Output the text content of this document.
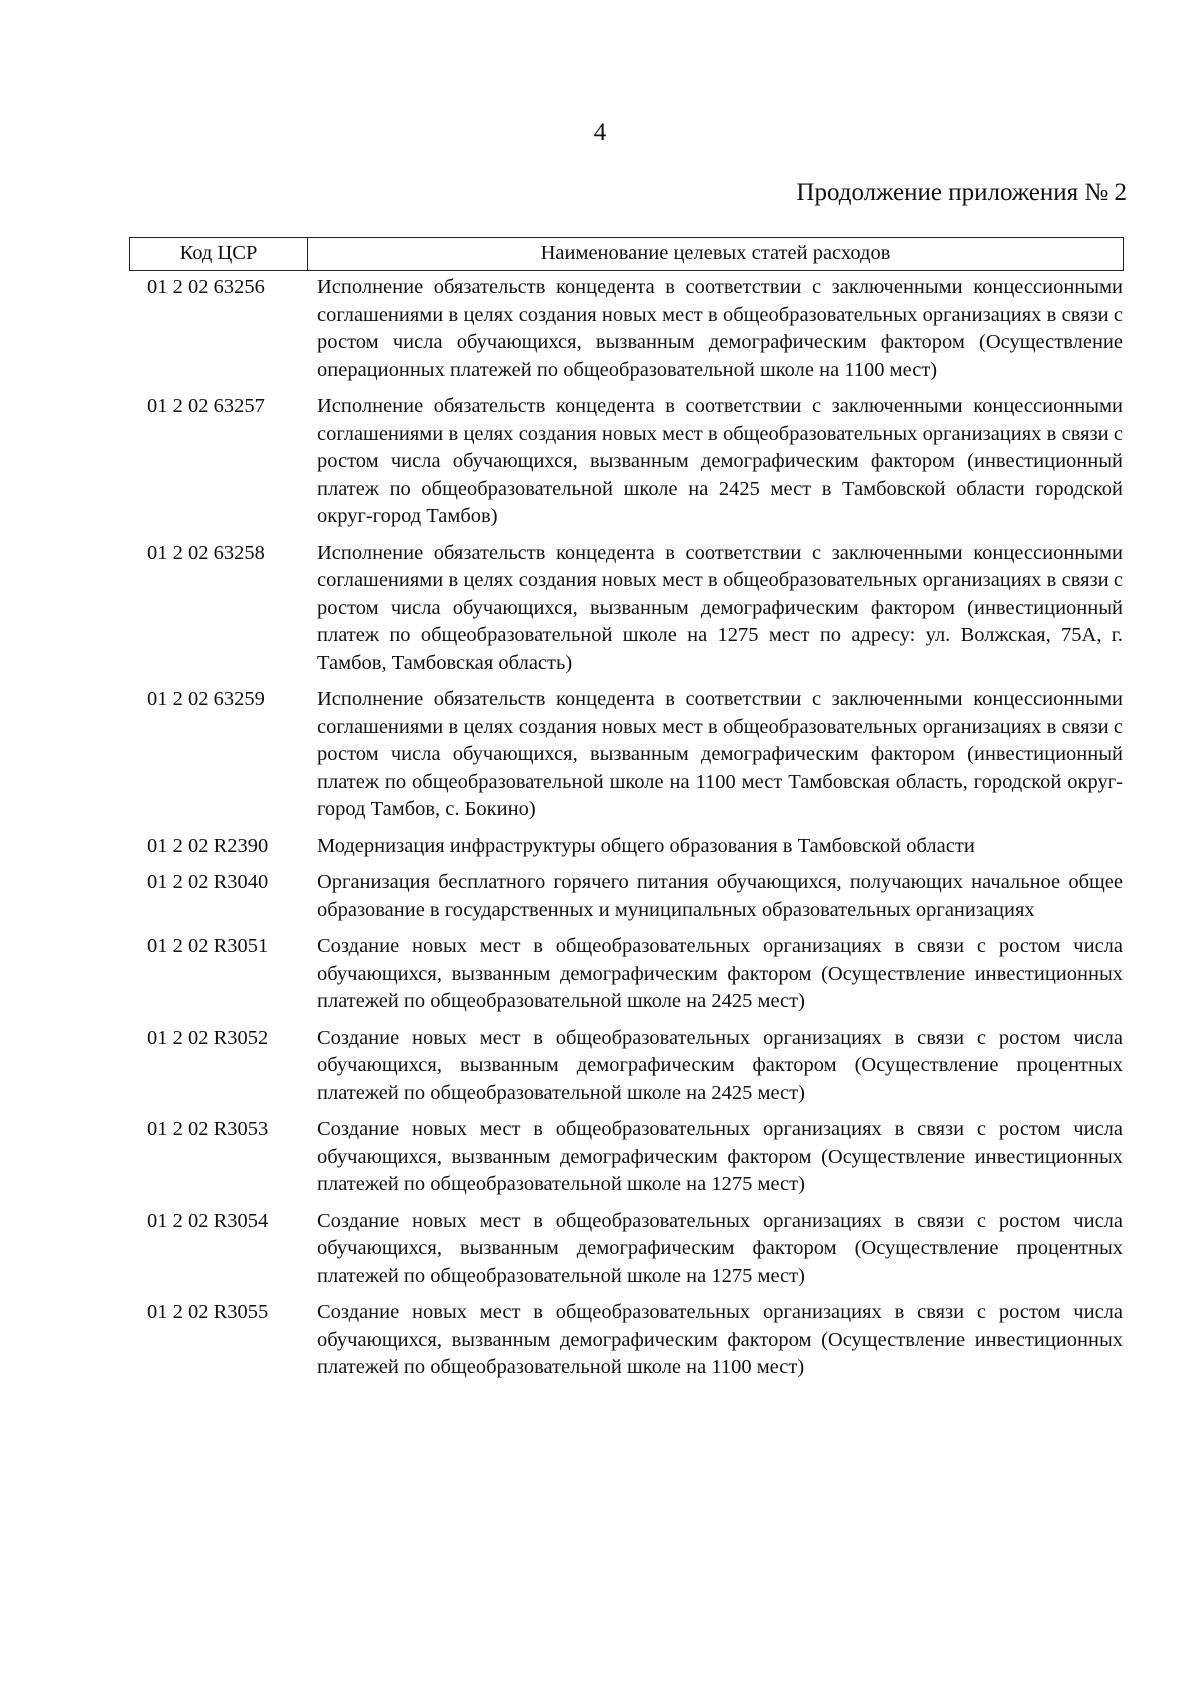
4
Продолжение приложения № 2
Код ЦСР	Наименование целевых статей расходов
01 2 02 63256	Исполнение обязательств концедента в соответствии с заключенными концессионными соглашениями в целях создания новых мест в общеобразовательных организациях в связи с ростом числа обучающихся, вызванным демографическим фактором (Осуществление операционных платежей по общеобразовательной школе на 1100 мест)
01 2 02 63257	Исполнение обязательств концедента в соответствии с заключенными концессионными соглашениями в целях создания новых мест в общеобразовательных организациях в связи с ростом числа обучающихся, вызванным демографическим фактором (инвестиционный платеж по общеобразовательной школе на 2425 мест в Тамбовской области городской округ-город Тамбов)
01 2 02 63258	Исполнение обязательств концедента в соответствии с заключенными концессионными соглашениями в целях создания новых мест в общеобразовательных организациях в связи с ростом числа обучающихся, вызванным демографическим фактором (инвестиционный платеж по общеобразовательной школе на 1275 мест по адресу: ул. Волжская, 75А, г. Тамбов, Тамбовская область)
01 2 02 63259	Исполнение обязательств концедента в соответствии с заключенными концессионными соглашениями в целях создания новых мест в общеобразовательных организациях в связи с ростом числа обучающихся, вызванным демографическим фактором (инвестиционный платеж по общеобразовательной школе на 1100 мест Тамбовская область, городской округ-город Тамбов, с. Бокино)
01 2 02 R2390	Модернизация инфраструктуры общего образования в Тамбовской области
01 2 02 R3040	Организация бесплатного горячего питания обучающихся, получающих начальное общее образование в государственных и муниципальных образовательных организациях
01 2 02 R3051	Создание новых мест в общеобразовательных организациях в связи с ростом числа обучающихся, вызванным демографическим фактором (Осуществление инвестиционных платежей по общеобразовательной школе на 2425 мест)
01 2 02 R3052	Создание новых мест в общеобразовательных организациях в связи с ростом числа обучающихся, вызванным демографическим фактором (Осуществление процентных платежей по общеобразовательной школе на 2425 мест)
01 2 02 R3053	Создание новых мест в общеобразовательных организациях в связи с ростом числа обучающихся, вызванным демографическим фактором (Осуществление инвестиционных платежей по общеобразовательной школе на 1275 мест)
01 2 02 R3054	Создание новых мест в общеобразовательных организациях в связи с ростом числа обучающихся, вызванным демографическим фактором (Осуществление процентных платежей по общеобразовательной школе на 1275 мест)
01 2 02 R3055	Создание новых мест в общеобразовательных организациях в связи с ростом числа обучающихся, вызванным демографическим фактором (Осуществление инвестиционных платежей по общеобразовательной школе на 1100 мест)
